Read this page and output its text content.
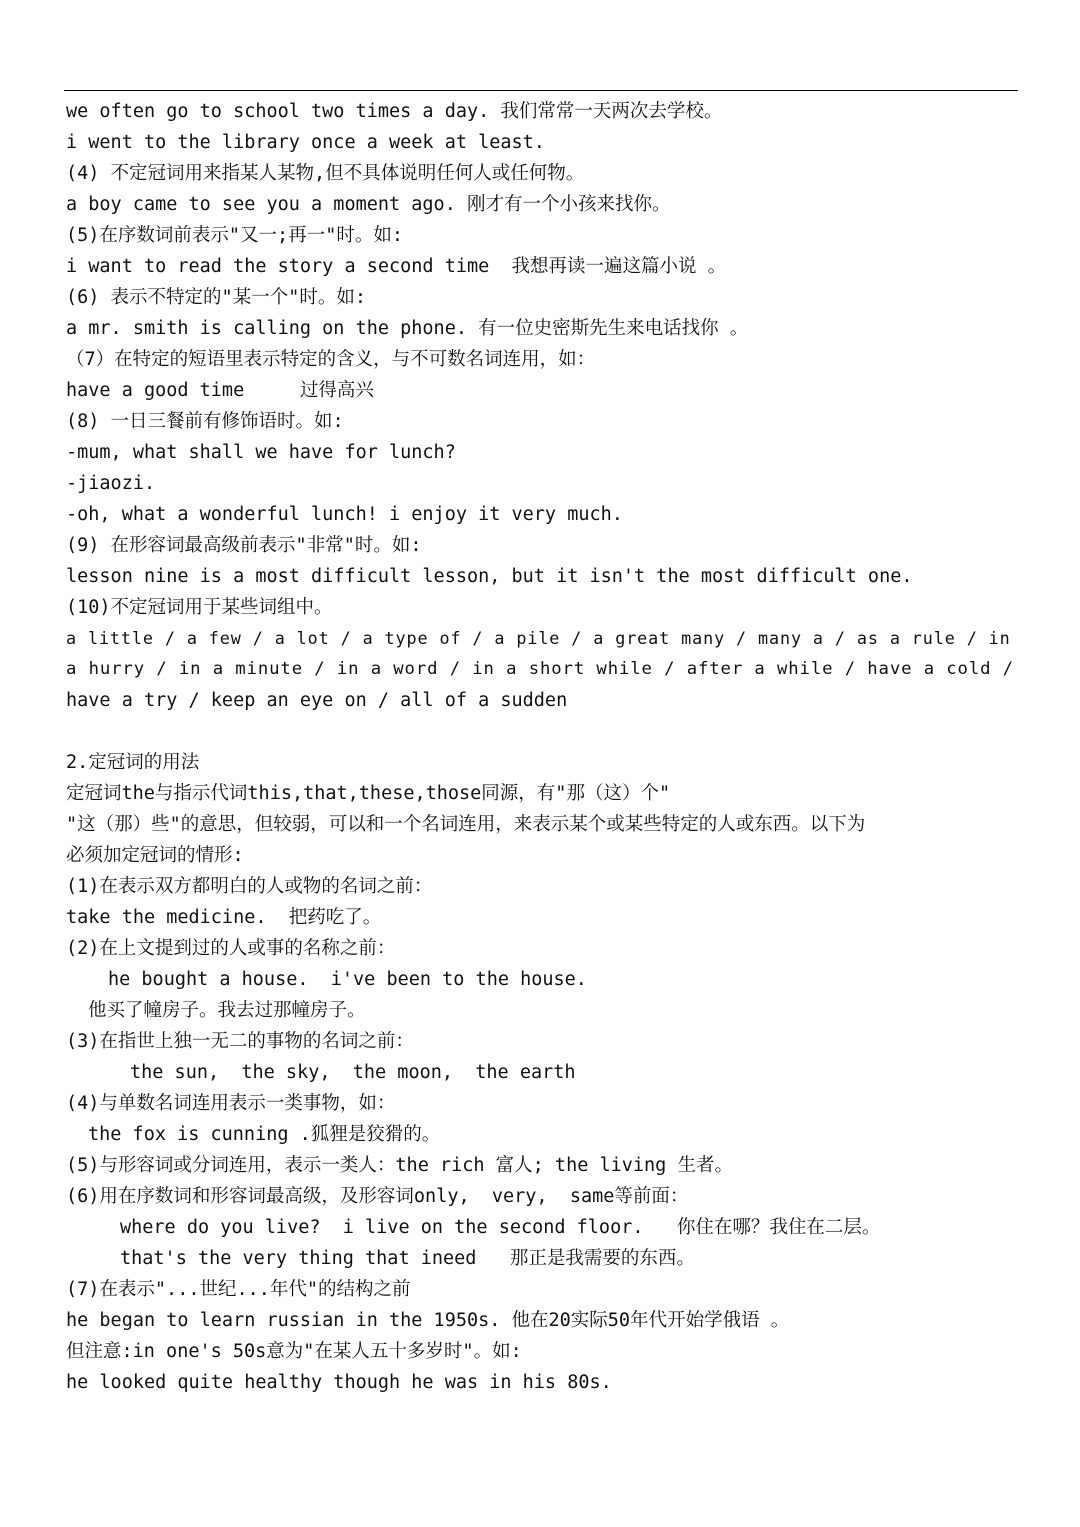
we often go to school two times a day. 我们常常一天两次去学校。
i went to the library once a week at least.
(4) 不定冠词用来指某人某物,但不具体说明任何人或任何物。
a boy came to see you a moment ago. 刚才有一个小孩来找你。
(5)在序数词前表示"又一;再一"时。如:
i want to read the story a second time  我想再读一遍这篇小说 。
(6) 表示不特定的"某一个"时。如:
a mr. smith is calling on the phone. 有一位史密斯先生来电话找你 。
（7）在特定的短语里表示特定的含义，与不可数名词连用，如：
have a good time     过得高兴
(8) 一日三餐前有修饰语时。如:
-mum, what shall we have for lunch?
-jiaozi.
-oh, what a wonderful lunch! i enjoy it very much.
(9) 在形容词最高级前表示"非常"时。如:
lesson nine is a most difficult lesson, but it isn't the most difficult one.
(10)不定冠词用于某些词组中。
a little / a few / a lot / a type of / a pile / a great many / many a / as a rule / in
a hurry / in a minute / in a word / in a short while / after a while / have a cold /
have a try / keep an eye on / all of a sudden
2.定冠词的用法
定冠词the与指示代词this,that,these,those同源，有"那（这）个"
"这（那）些"的意思，但较弱，可以和一个名词连用，来表示某个或某些特定的人或东西。以下为
必须加定冠词的情形:
(1)在表示双方都明白的人或物的名词之前：
take the medicine.  把药吃了。
(2)在上文提到过的人或事的名称之前：
he bought a house.  i've been to the house.
他买了幢房子。我去过那幢房子。
(3)在指世上独一无二的事物的名词之前：
the sun,  the sky,  the moon,  the earth
(4)与单数名词连用表示一类事物，如：
the fox is cunning .狐狸是狡猾的。
(5)与形容词或分词连用，表示一类人：the rich 富人; the living 生者。
(6)用在序数词和形容词最高级，及形容词only,  very,  same等前面：
where do you live?  i live on the second floor.   你住在哪？我住在二层。
that's the very thing that ineed   那正是我需要的东西。
(7)在表示"...世纪...年代"的结构之前
he began to learn russian in the 1950s. 他在20实际50年代开始学俄语 。
但注意:in one's 50s意为"在某人五十多岁时"。如:
he looked quite healthy though he was in his 80s.
